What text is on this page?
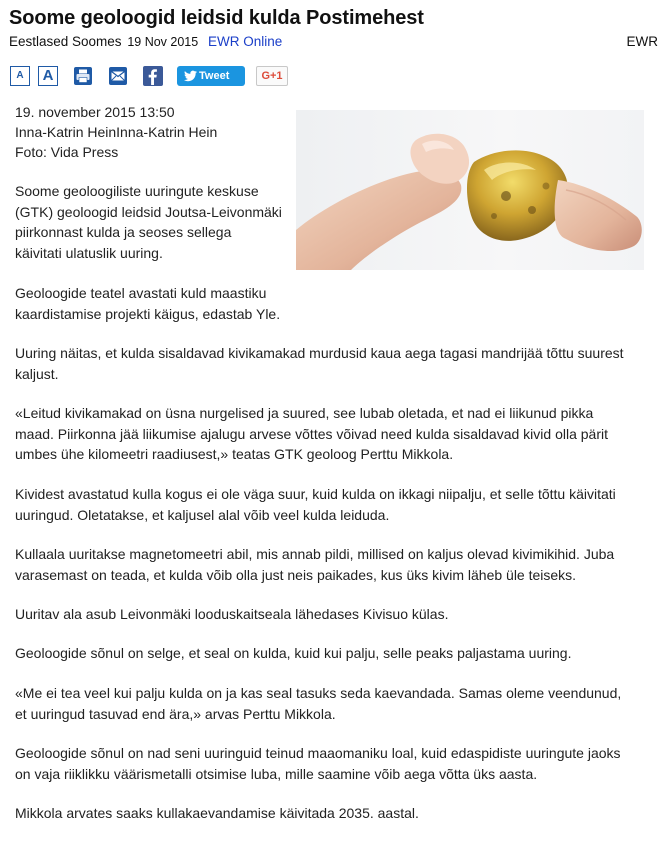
Soome geoloogid leidsid kulda Postimehest
Eestlased Soomes 19 Nov 2015 EWR Online	EWR
A	A	Tweet	G+1
19. november 2015 13:50
Inna-Katrin HeinInna-Katrin Hein
Foto: Vida Press

Soome geoloogiliste uuringute keskuse

(GTK) geoloogid leidsid Joutsa-Leivonmäki

piirkonnast kulda ja seoses sellega

käivitati ulatuslik uuring.

Geoloogide teatel avastati kuld maastiku

kaardistamise projekti käigus, edastab Yle.

Uuring näitas, et kulda sisaldavad kivikamakad murdusid kaua aega tagasi mandrijää tõttu suurest

kaljust.

«Leitud kivikamakad on üsna nurgelised ja suured, see lubab oletada, et nad ei liikunud pikka

maad. Piirkonna jää liikumise ajalugu arvese võttes võivad need kulda sisaldavad kivid olla pärit

umbes ühe kilomeetri raadiusest,» teatas GTK geoloog Perttu Mikkola.

Kividest avastatud kulla kogus ei ole väga suur, kuid kulda on ikkagi niipalju, et selle tõttu käivitati

uuringud. Oletatakse, et kaljusel alal võib veel kulda leiduda.

Kullaala uuritakse magnetomeetri abil, mis annab pildi, millised on kaljus olevad kivimikihid. Juba

varasemast on teada, et kulda võib olla just neis paikades, kus üks kivim läheb üle teiseks.

Uuritav ala asub Leivonmäki looduskaitseala lähedases Kivisuo külas.

Geoloogide sõnul on selge, et seal on kulda, kuid kui palju, selle peaks paljastama uuring.

«Me ei tea veel kui palju kulda on ja kas seal tasuks seda kaevandada. Samas oleme veendunud,

et uuringud tasuvad end ära,» arvas Perttu Mikkola.

Geoloogide sõnul on nad seni uuringuid teinud maaomaniku loal, kuid edaspidiste uuringute jaoks

on vaja riiklikku väärismetalli otsimise luba, mille saamine võib aega võtta üks aasta.

Mikkola arvates saaks kullakaevandamise käivitada 2035. aastal.
